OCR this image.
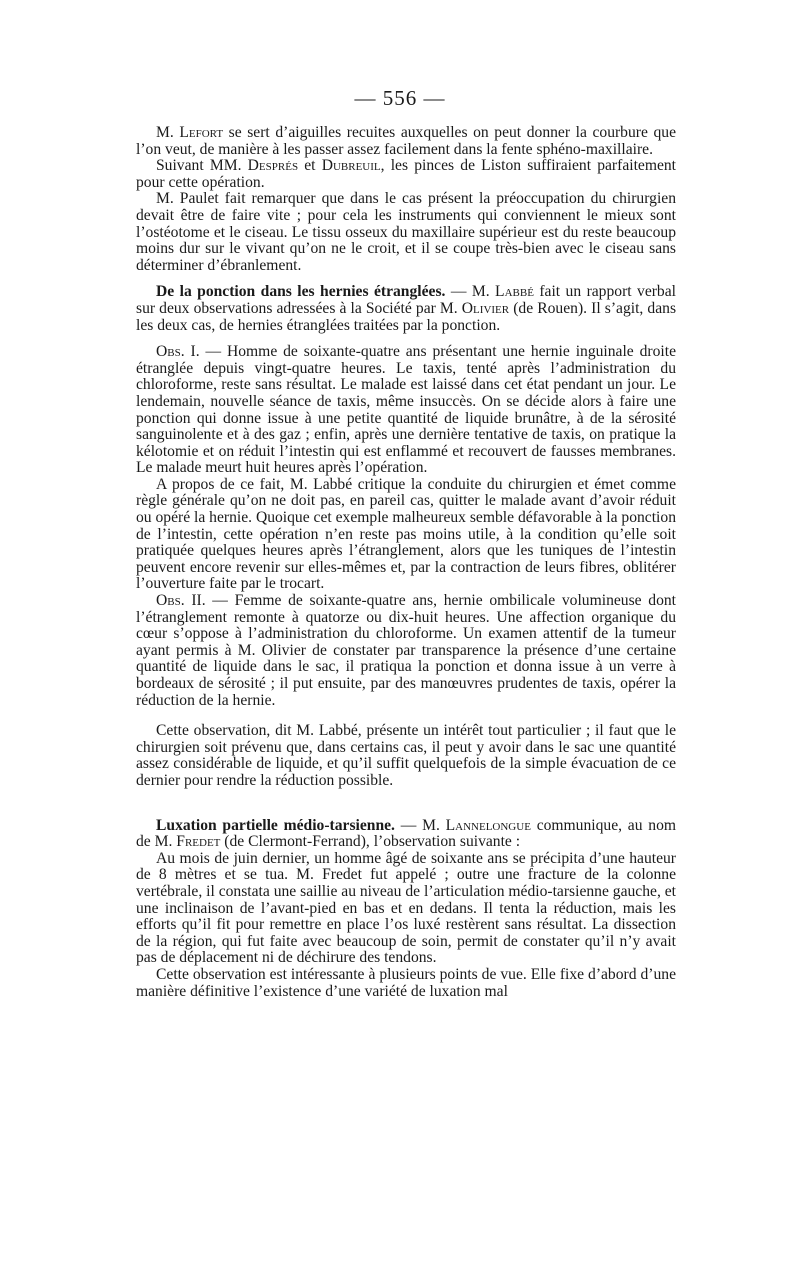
— 556 —

M. Lefort se sert d’aiguilles recuites auxquelles on peut donner la courbure que l’on veut, de manière à les passer assez facilement dans la fente sphéno-maxillaire.

Suivant MM. Després et Dubreuil, les pinces de Liston suffiraient parfaitement pour cette opération.

M. Paulet fait remarquer que dans le cas présent la préoccupation du chirurgien devait être de faire vite ; pour cela les instruments qui conviennent le mieux sont l’ostéotome et le ciseau. Le tissu osseux du maxillaire supérieur est du reste beaucoup moins dur sur le vivant qu’on ne le croit, et il se coupe très-bien avec le ciseau sans déterminer d’ébranlement.

De la ponction dans les hernies étranglées. — M. Labbé fait un rapport verbal sur deux observations adressées à la Société par M. Olivier (de Rouen). Il s’agit, dans les deux cas, de hernies étranglées traitées par la ponction.

Obs. I. — Homme de soixante-quatre ans présentant une hernie inguinale droite étranglée depuis vingt-quatre heures. Le taxis, tenté après l’administration du chloroforme, reste sans résultat. Le malade est laissé dans cet état pendant un jour. Le lendemain, nouvelle séance de taxis, même insuccès. On se décide alors à faire une ponction qui donne issue à une petite quantité de liquide brunâtre, à de la sérosité sanguinolente et à des gaz ; enfin, après une dernière tentative de taxis, on pratique la kélotomie et on réduit l’intestin qui est enflammé et recouvert de fausses membranes. Le malade meurt huit heures après l’opération.

A propos de ce fait, M. Labbé critique la conduite du chirurgien et émet comme règle générale qu’on ne doit pas, en pareil cas, quitter le malade avant d’avoir réduit ou opéré la hernie. Quoique cet exemple malheureux semble défavorable à la ponction de l’intestin, cette opération n’en reste pas moins utile, à la condition qu’elle soit pratiquée quelques heures après l’étranglement, alors que les tuniques de l’intestin peuvent encore revenir sur elles-mêmes et, par la contraction de leurs fibres, oblitérer l’ouverture faite par le trocart.

Obs. II. — Femme de soixante-quatre ans, hernie ombilicale volumineuse dont l’étranglement remonte à quatorze ou dix-huit heures. Une affection organique du cœur s’oppose à l’administration du chloroforme. Un examen attentif de la tumeur ayant permis à M. Olivier de constater par transparence la présence d’une certaine quantité de liquide dans le sac, il pratiqua la ponction et donna issue à un verre à bordeaux de sérosité ; il put ensuite, par des manœuvres prudentes de taxis, opérer la réduction de la hernie.

Cette observation, dit M. Labbé, présente un intérêt tout particulier ; il faut que le chirurgien soit prévenu que, dans certains cas, il peut y avoir dans le sac une quantité assez considérable de liquide, et qu’il suffit quelquefois de la simple évacuation de ce dernier pour rendre la réduction possible.

Luxation partielle médio-tarsienne. — M. Lannelongue communique, au nom de M. Fredet (de Clermont-Ferrand), l’observation suivante :

Au mois de juin dernier, un homme âgé de soixante ans se précipita d’une hauteur de 8 mètres et se tua. M. Fredet fut appelé ; outre une fracture de la colonne vertébrale, il constata une saillie au niveau de l’articulation médio-tarsienne gauche, et une inclinaison de l’avant-pied en bas et en dedans. Il tenta la réduction, mais les efforts qu’il fit pour remettre en place l’os luxé restèrent sans résultat. La dissection de la région, qui fut faite avec beaucoup de soin, permit de constater qu’il n’y avait pas de déplacement ni de déchirure des tendons.

Cette observation est intéressante à plusieurs points de vue. Elle fixe d’abord d’une manière définitive l’existence d’une variété de luxation mal
